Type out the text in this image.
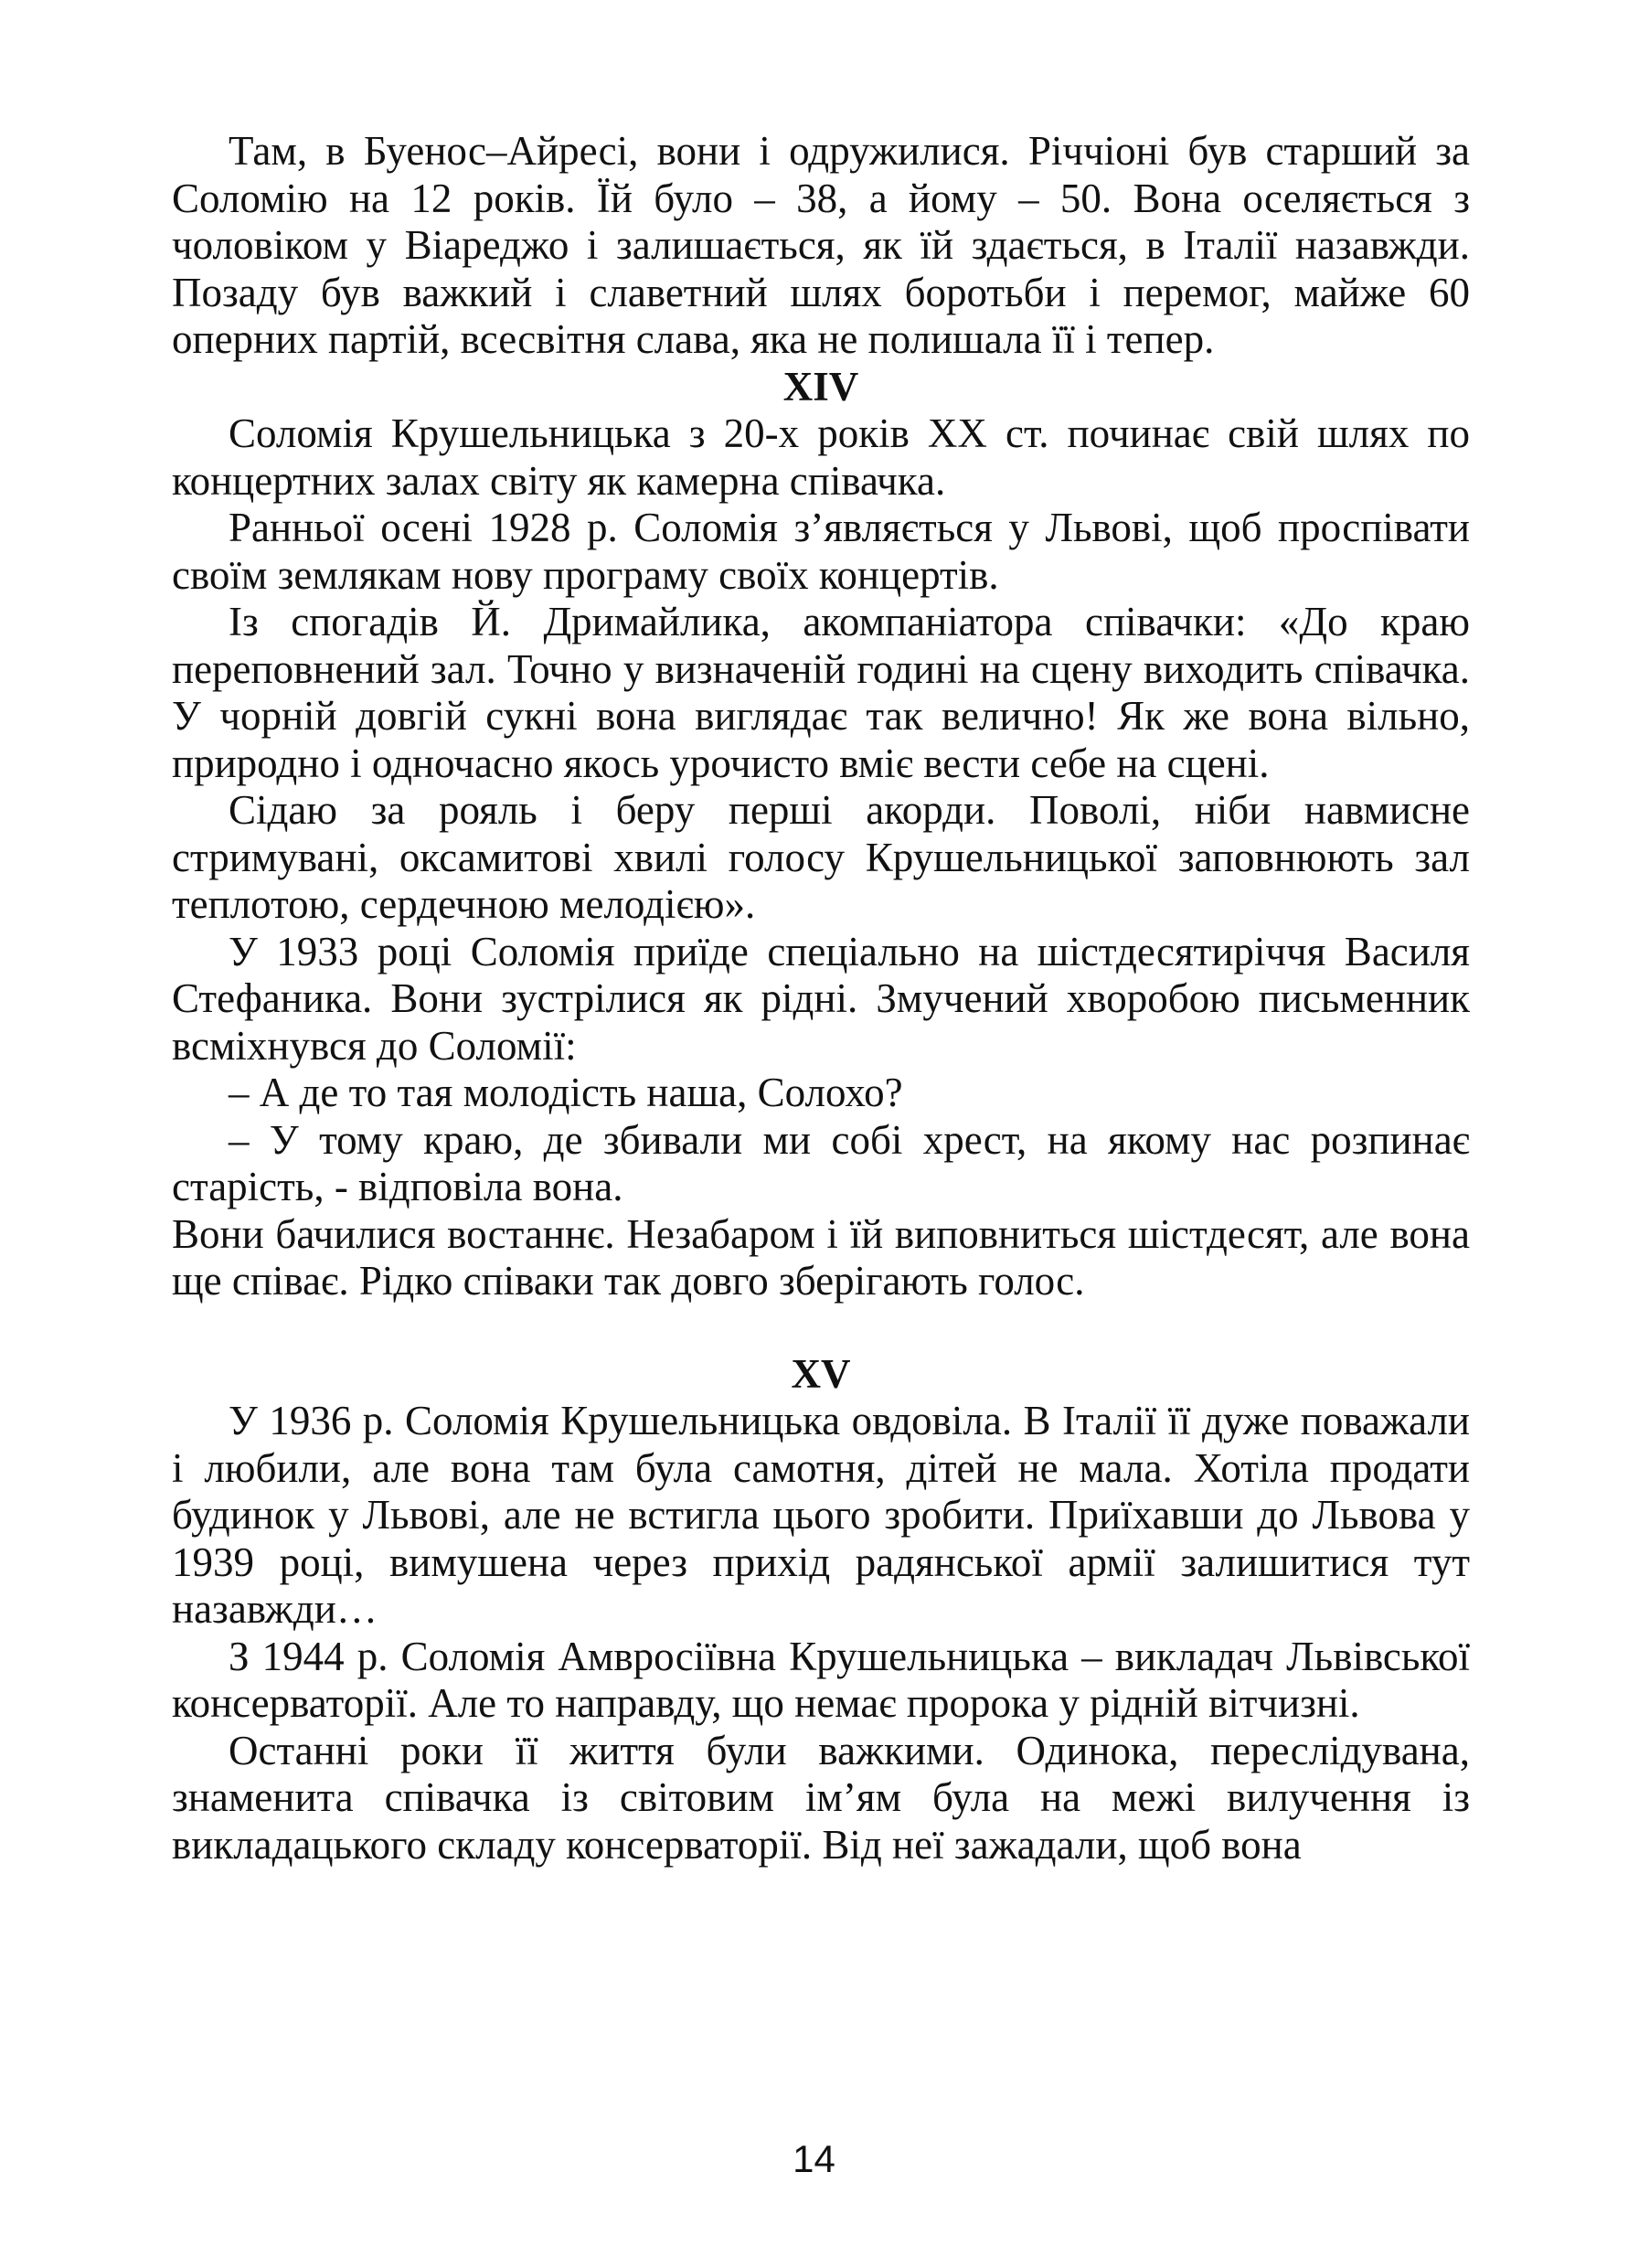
Там, в Буенос–Айресі, вони і одружилися. Річчіоні був старший за Соломію на 12 років. Їй було – 38, а йому – 50. Вона оселяється з чоловіком у Віареджо і залишається, як їй здається, в Італії назавжди. Позаду був важкий і славетний шлях боротьби і перемог, майже 60 оперних партій, всесвітня слава, яка не полишала її і тепер.

XIV

Соломія Крушельницька з 20-х років XX ст. починає свій шлях по концертних залах світу як камерна співачка.

Ранньої осені 1928 р. Соломія з’являється у Львові, щоб проспівати своїм землякам нову програму своїх концертів.

Із спогадів Й. Дримайлика, акомпаніатора співачки: «До краю переповнений зал. Точно у визначеній годині на сцену виходить співачка. У чорній довгій сукні вона виглядає так велично! Як же вона вільно, природно і одночасно якось урочисто вміє вести себе на сцені.

Сідаю за рояль і беру перші акорди. Поволі, ніби навмисне стримувані, оксамитові хвилі голосу Крушельницької заповнюють зал теплотою, сердечною мелодією».

У 1933 році Соломія приїде спеціально на шістдесятиріччя Василя Стефаника. Вони зустрілися як рідні. Змучений хворобою письменник всміхнувся до Соломії:

– А де то тая молодість наша, Солохо?

– У тому краю, де збивали ми собі хрест, на якому нас розпинає старість, - відповіла вона.

Вони бачилися востаннє. Незабаром і їй виповниться шістдесят, але вона ще співає. Рідко співаки так довго зберігають голос.

XV

У 1936 р. Соломія Крушельницька овдовіла. В Італії її дуже поважали і любили, але вона там була самотня, дітей не мала. Хотіла продати будинок у Львові, але не встигла цього зробити. Приїхавши до Львова у 1939 році, вимушена через прихід радянської армії залишитися тут назавжди…

З 1944 р. Соломія Амвросіївна Крушельницька – викладач Львівської консерваторії. Але то направду, що немає пророка у рідній вітчизні.

Останні роки її життя були важкими. Одинока, переслідувана, знаменита співачка із світовим ім’ям була на межі вилучення із викладацького складу консерваторії. Від неї зажадали, щоб вона

14
